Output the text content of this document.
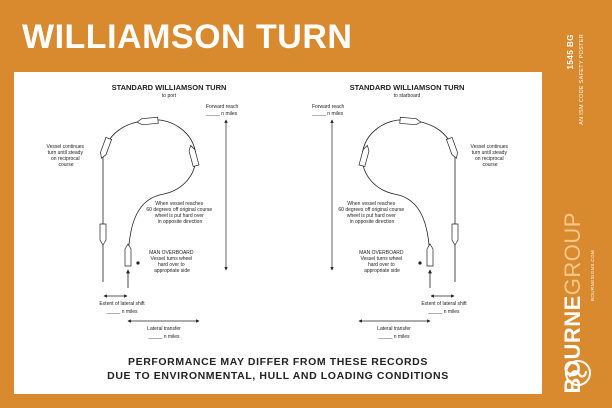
WILLIAMSON TURN
STANDARD WILLIAMSON TURN
to port
Forward reach
_____ n miles
Vessel continues turn until steady on reciprocal course
When vessel reaches 60 degrees off original course wheel is put hard over in opposite direction
MAN OVERBOARD Vessel turns wheel hard over to appropriate side
Extent of lateral shift
_____ n miles
Lateral transfer
_____ n miles
STANDARD WILLIAMSON TURN
to starboard
Forward reach
_____ n miles
Vessel continues turn until steady on reciprocal course
When vessel reaches 60 degrees off original course wheel is put hard over in opposite direction
MAN OVERBOARD Vessel turns wheel hard over to appropriate side
Extent of lateral shift
_____ n miles
Lateral transfer
_____ n miles
PERFORMANCE MAY DIFFER FROM THESE RECORDS
DUE TO ENVIRONMENTAL, HULL AND LOADING CONDITIONS
1545 BG AN ISM CODE SAFETY POSTER
BOURNEGROUP BOURNESIGNS.COM
